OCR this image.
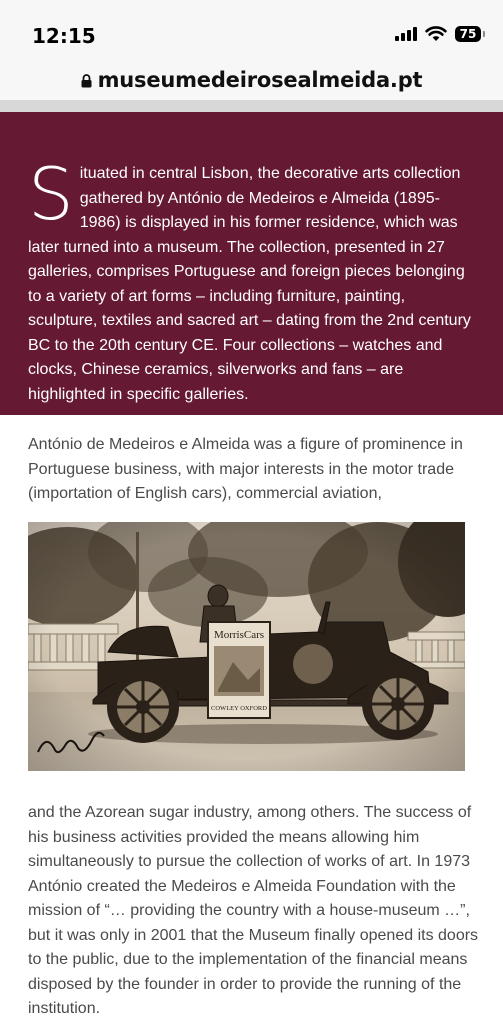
12:15	75
museumedeirosealmeida.pt
Situated in central Lisbon, the decorative arts collection gathered by António de Medeiros e Almeida (1895-1986) is displayed in his former residence, which was later turned into a museum. The collection, presented in 27 galleries, comprises Portuguese and foreign pieces belonging to a variety of art forms – including furniture, painting, sculpture, textiles and sacred art – dating from the 2nd century BC to the 20th century CE. Four collections – watches and clocks, Chinese ceramics, silverworks and fans – are highlighted in specific galleries.

António de Medeiros e Almeida was a figure of prominence in Portuguese business, with major interests in the motor trade (importation of English cars), commercial aviation,

and the Azorean sugar industry, among others. The success of his business activities provided the means allowing him simultaneously to pursue the collection of works of art. In 1973 António created the Medeiros e Almeida Foundation with the mission of “… providing the country with a house-museum …”, but it was only in 2001 that the Museum finally opened its doors to the public, due to the implementation of the financial means disposed by the founder in order to provide the running of the institution.
